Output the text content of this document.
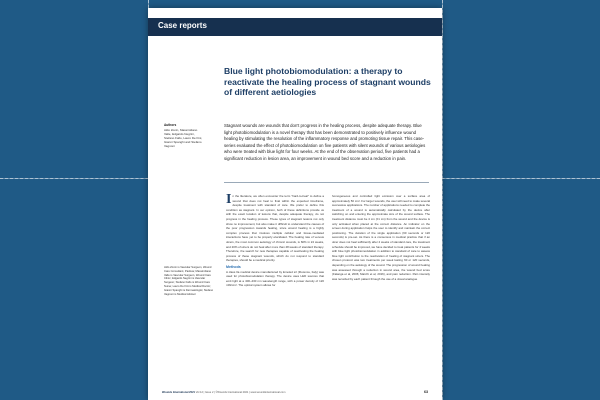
Case reports
Blue light photobiomodulation: a therapy to reactivate the healing process of stagnant wounds of different aetiologies
Authors
Aldo Zonin, Massimiliano Valle, Edgardo Negrini, Stefano Fallo, Lauro De Fini, Gianni Spanghi and Stefano Vagnoni
Stagnant wounds are wounds that don't progress in the healing process, despite adequate therapy. Blue light photobiomodulation is a novel therapy that has been demonstrated to positively influence wound healing by stimulating the resolution of the inflammatory response and promoting tissue repair. This case-series evaluated the effect of photobiomodulation on five patients with silent wounds of various aetiologies who were treated with blue light for four weeks. At the end of the observation period, five patients had a significant reduction in lesion area, an improvement in wound bed score and a reduction in pain.
Aldo Zonin is Vascular Surgeon, Wound Care Consultant, Padova; Massimiliano Valle is Vascular Surgeon, Wound Care Clinic; Edgardo Negrini is Vascular Surgeon; Stefano Fallo is Wound Care Nurse; Lauro De Fini is Medical Doctor; Gianni Spanghi is Dermatologist; Stefano Vagnoni is Medical Advisor
In the literature, we often encounter the term "hard-to-heal" to define a wound that does not heal to final within the expected timeframe, despite treatment with standard of care. We prefer to define this condition as stagnant. In our opinion, both of these definitions provide us with the exact location of lesions that, despite adequate therapy, do not progress in the healing process. These types of stagnant lesions not only show no improvement, but also make it difficult to understand the causes of the poor progression towards healing, since wound healing is a highly complex process that involves multiple cellular and tissue-mediated interactions have yet to be properly elucidated. The healing rate of venous ulcers, the most common aetiology of chronic wounds, is 60% in 24 weeks, and 20% of ulcers do not heal after more than 48 weeks of standard therapy. Therefore, the search for new therapies capable of reactivating the healing process of these stagnant wounds, which do not respond to standard therapies, should be a medical priority.
Methods
A class IIa medical device manufactured by Emoled srl (Florence, Italy) was used for photobiomodulation therapy. The device uses LED sources that emit light at a 400–430 nm wavelength range, with a power density of 120 mW/cm². The optical system allows for
homogeneous and controlled light emission over a surface area of approximately 50 cm². For larger wounds, the user will need to make several successive applications. The number of applications needed to complete the treatment of a wound is automatically calculated by the device after switching on and entering the approximate size of the wound surface. The treatment distance must be 4 cm (±1 cm) from the wound and the device is only activated when placed at the correct distance. An indicator on the screen during application helps the user to identify and maintain the correct positioning. The duration of the single application (60 seconds or 120 seconds) is pre-set. As there is a consensus in medical practice that if an ulcer does not heal sufficiently after 4 weeks of standard care, the treatment schedule should be improved, we have decided to treat patients for 4 weeks with blue light photobiomodulation in addition to standard of care to assess blue light contribution to the reactivation of healing of stagnant ulcers. The chosen protocol was two treatments per week lasting 60 or 120 seconds, depending on the aetiology of the wound. The progression of wound healing was assessed through a reduction in wound area, the wound bed score (Falanga et al, 2006; Marchi et al, 2016), and pain reduction. Pain intensity was recorded by each patient through the use of a visual analogue
Wounds International 2021 Vol 12 | Issue 2 | ©Wounds International 2021 | www.woundsinternational.com	63
